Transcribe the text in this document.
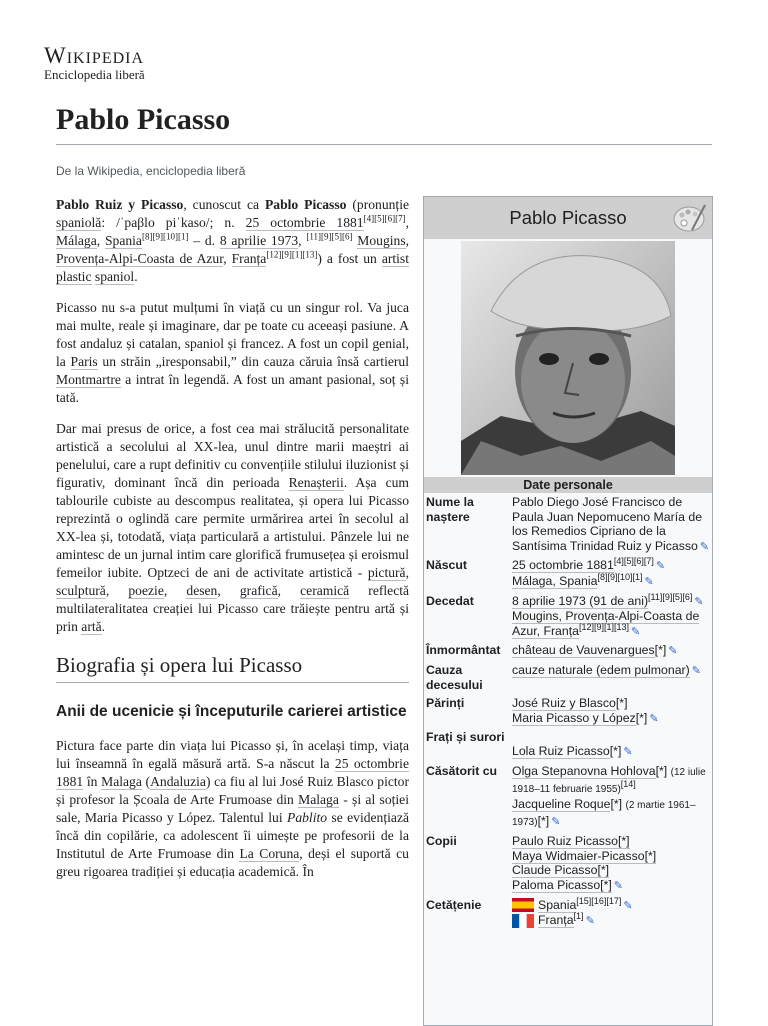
Wikipedia
Enciclopedia liberă
Pablo Picasso
De la Wikipedia, enciclopedia liberă

Pablo Ruiz y Picasso, cunoscut ca Pablo Picasso (pronunție spaniolă: /ˈpaβlo piˈkaso/; n. 25 octombrie 1881[4][5][6][7], Málaga, Spania[8][9][10][1] – d. 8 aprilie 1973, [11][9][5][6] Mougins, Provența-Alpi-Coasta de Azur, Franța[12][9][1][13]) a fost un artist plastic spaniol.

Picasso nu s-a putut mulțumi în viață cu un singur rol. Va juca mai multe, reale și imaginare, dar pe toate cu aceeași pasiune. A fost andaluz și catalan, spaniol și francez. A fost un copil genial, la Paris un străin „iresponsabil,” din cauza căruia însă cartierul Montmartre a intrat în legendă. A fost un amant pasional, soț și tată.

Dar mai presus de orice, a fost cea mai strălucită personalitate artistică a secolului al XX-lea, unul dintre marii maeștri ai penelului, care a rupt definitiv cu convențiile stilului iluzionist și figurativ, dominant încă din perioada Renașterii. Așa cum tablourile cubiste au descompus realitatea, și opera lui Picasso reprezintă o oglindă care permite urmărirea artei în secolul al XX-lea și, totodată, viața particulară a artistului. Pânzele lui ne amintesc de un jurnal intim care glorifică frumusețea și eroismul femeilor iubite. Optzeci de ani de activitate artistică - pictură, sculptură, poezie, desen, grafică, ceramică reflectă multilateralitatea creației lui Picasso care trăiește pentru artă și prin artă.

Biografia și opera lui Picasso
Anii de ucenicie și începuturile carierei artistice

Pictura face parte din viața lui Picasso și, în același timp, viața lui înseamnă în egală măsură artă. S-a născut la 25 octombrie 1881 în Malaga (Andaluzia) ca fiu al lui José Ruiz Blasco pictor și profesor la Școala de Arte Frumoase din Malaga - și al soției sale, Maria Picasso y López. Talentul lui Pablito se evidențiază încă din copilărie, ca adolescent îi uimește pe profesorii de la Institutul de Arte Frumoase din La Coruna, deși el suportă cu greu rigoarea tradiției și educația academică. În

Pablo Picasso
Date personale
Nume la naștere	Pablo Diego José Francisco de Paula Juan Nepomuceno María de los Remedios Cipriano de la Santísima Trinidad Ruiz y Picasso ✎
Născut	25 octombrie 1881[4][5][6][7] ✎
Málaga, Spania[8][9][10][1] ✎
Decedat	8 aprilie 1973 (91 de ani)[11][9][5][6] ✎
Mougins, Provența-Alpi-Coasta de Azur, Franța[12][9][1][13] ✎
Înmormântat	château de Vauvenargues[*] ✎
Cauza decesului	cauze naturale (edem pulmonar) ✎
Părinți	José Ruiz y Blasco[*]
Maria Picasso y López[*] ✎
Frați și surori	Lola Ruiz Picasso[*] ✎
Căsătorit cu	Olga Stepanovna Hohlova[*] (12 iulie 1918–11 februarie 1955)[14]
Jacqueline Roque[*] (2 martie 1961–1973)[*] ✎
Copii	Paulo Ruiz Picasso[*]
Maya Widmaier-Picasso[*]
Claude Picasso[*]
Paloma Picasso[*] ✎
Cetățenie	Spania[15][16][17] ✎
Franța[1] ✎
